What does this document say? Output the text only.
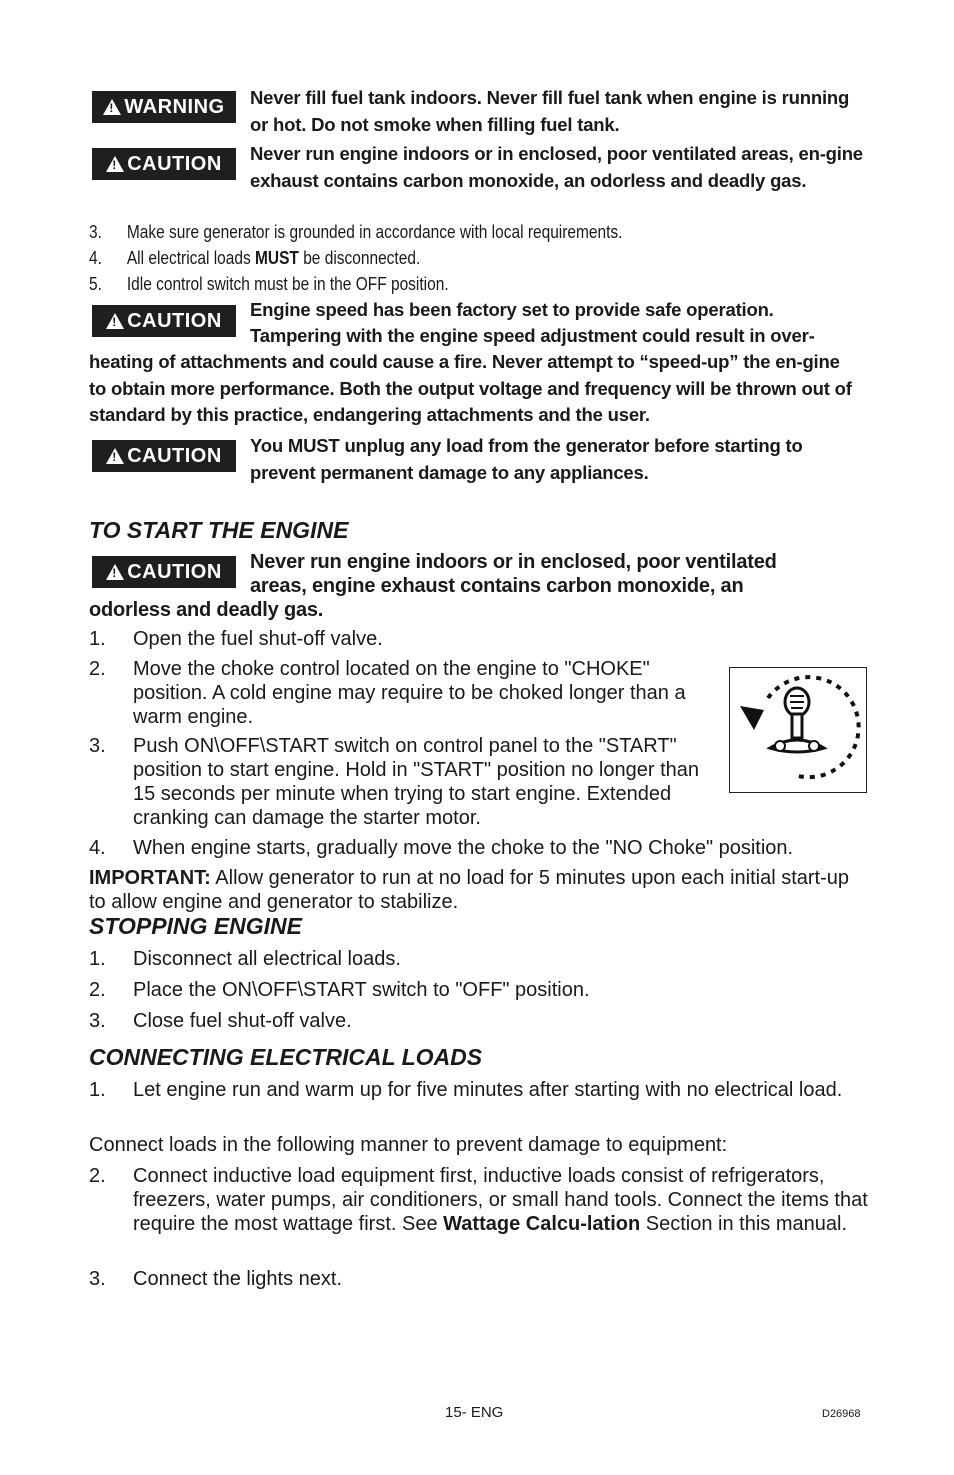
!
WARNING Never fill fuel tank indoors. Never fill fuel tank when engine is running or hot. Do not smoke when filling fuel tank.
!
CAUTION Never run engine indoors or in enclosed, poor ventilated areas, en-gine exhaust contains carbon monoxide, an odorless and deadly gas.
3. Make sure generator is grounded in accordance with local requirements.
4. All electrical loads MUST be disconnected.
5. Idle control switch must be in the OFF position.
!
CAUTION Engine speed has been factory set to provide safe operation.
Tampering with the engine speed adjustment could result in over-
heating of attachments and could cause a fire. Never attempt to “speed-up” the en-gine to obtain more performance. Both the output voltage and frequency will be thrown out of standard by this practice, endangering attachments and the user.
!
CAUTION You MUST unplug any load from the generator before starting to prevent permanent damage to any appliances.
TO START THE ENGINE
!
CAUTION Never run engine indoors or in enclosed, poor ventilated
areas, engine exhaust contains carbon monoxide, an
odorless and deadly gas.
1. Open the fuel shut-off valve.
2. Move the choke control located on the engine to "CHOKE" position. A cold engine may require to be choked longer than a warm engine.
3. Push ON\OFF\START switch on control panel to the "START" position to start engine. Hold in "START" position no longer than 15 seconds per minute when trying to start engine. Extended cranking can damage the starter motor.
4. When engine starts, gradually move the choke to the "NO Choke" position.
IMPORTANT: Allow generator to run at no load for 5 minutes upon each initial start-up to allow engine and generator to stabilize.
STOPPING ENGINE
1. Disconnect all electrical loads.
2. Place the ON\OFF\START switch to "OFF" position.
3. Close fuel shut-off valve.
CONNECTING ELECTRICAL LOADS
1. Let engine run and warm up for five minutes after starting with no electrical load.
Connect loads in the following manner to prevent damage to equipment:
2. Connect inductive load equipment first, inductive loads consist of refrigerators, freezers, water pumps, air conditioners, or small hand tools. Connect the items that require the most wattage first. See Wattage Calcu-lation Section in this manual.
3. Connect the lights next.
15- ENG	D26968
